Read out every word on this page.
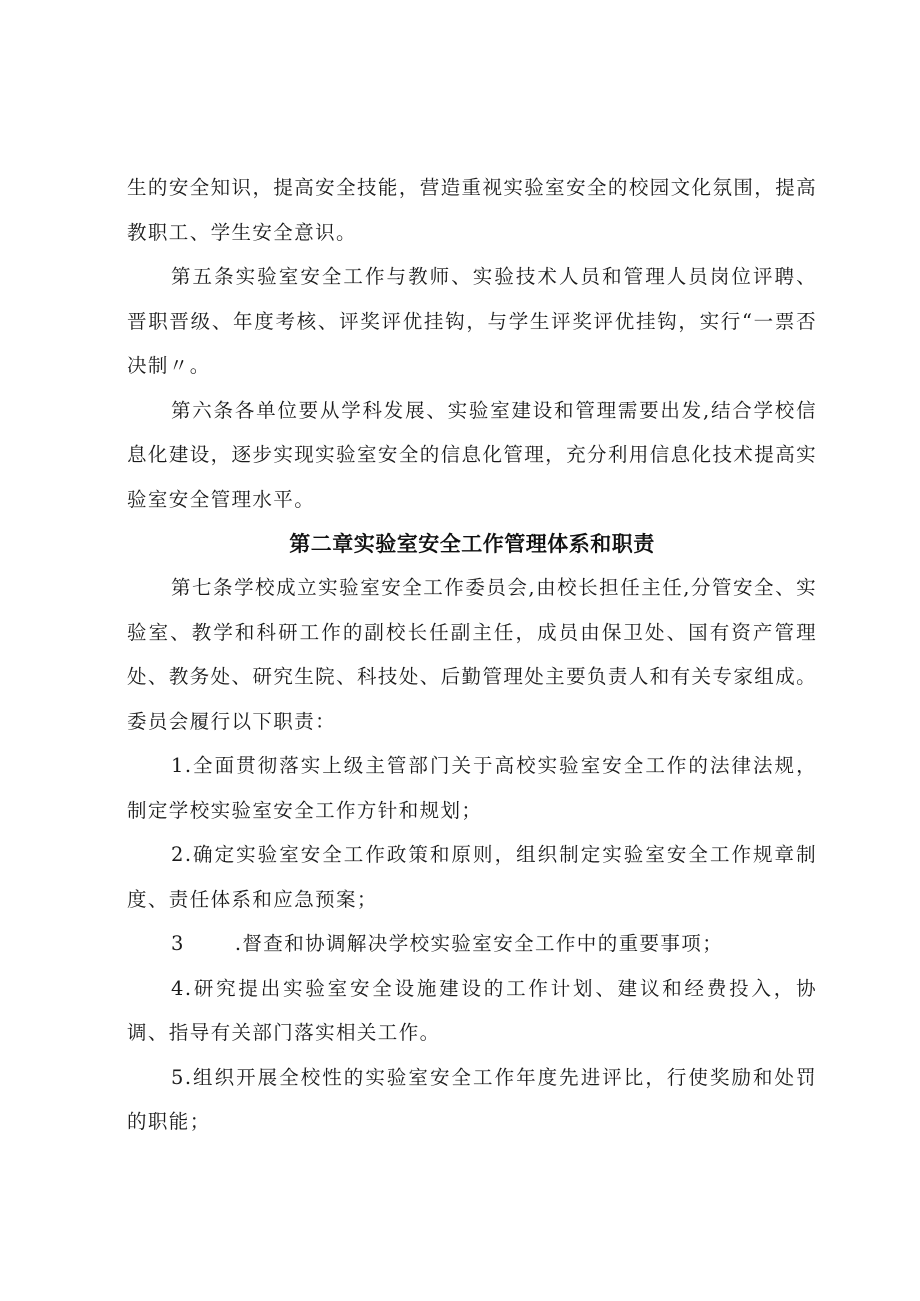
生的安全知识，提高安全技能，营造重视实验室安全的校园文化氛围，提高教职工、学生安全意识。

第五条实验室安全工作与教师、实验技术人员和管理人员岗位评聘、晋职晋级、年度考核、评奖评优挂钩，与学生评奖评优挂钩，实行“一票否决制〃。

第六条各单位要从学科发展、实验室建设和管理需要出发,结合学校信息化建设，逐步实现实验室安全的信息化管理，充分利用信息化技术提高实验室安全管理水平。

第二章实验室安全工作管理体系和职责

第七条学校成立实验室安全工作委员会,由校长担任主任,分管安全、实验室、教学和科研工作的副校长任副主任，成员由保卫处、国有资产管理处、教务处、研究生院、科技处、后勤管理处主要负责人和有关专家组成。委员会履行以下职责：

1.全面贯彻落实上级主管部门关于高校实验室安全工作的法律法规，制定学校实验室安全工作方针和规划；

2.确定实验室安全工作政策和原则，组织制定实验室安全工作规章制度、责任体系和应急预案；

3	.督查和协调解决学校实验室安全工作中的重要事项；

4.研究提出实验室安全设施建设的工作计划、建议和经费投入，协调、指导有关部门落实相关工作。

5.组织开展全校性的实验室安全工作年度先进评比，行使奖励和处罚的职能；
